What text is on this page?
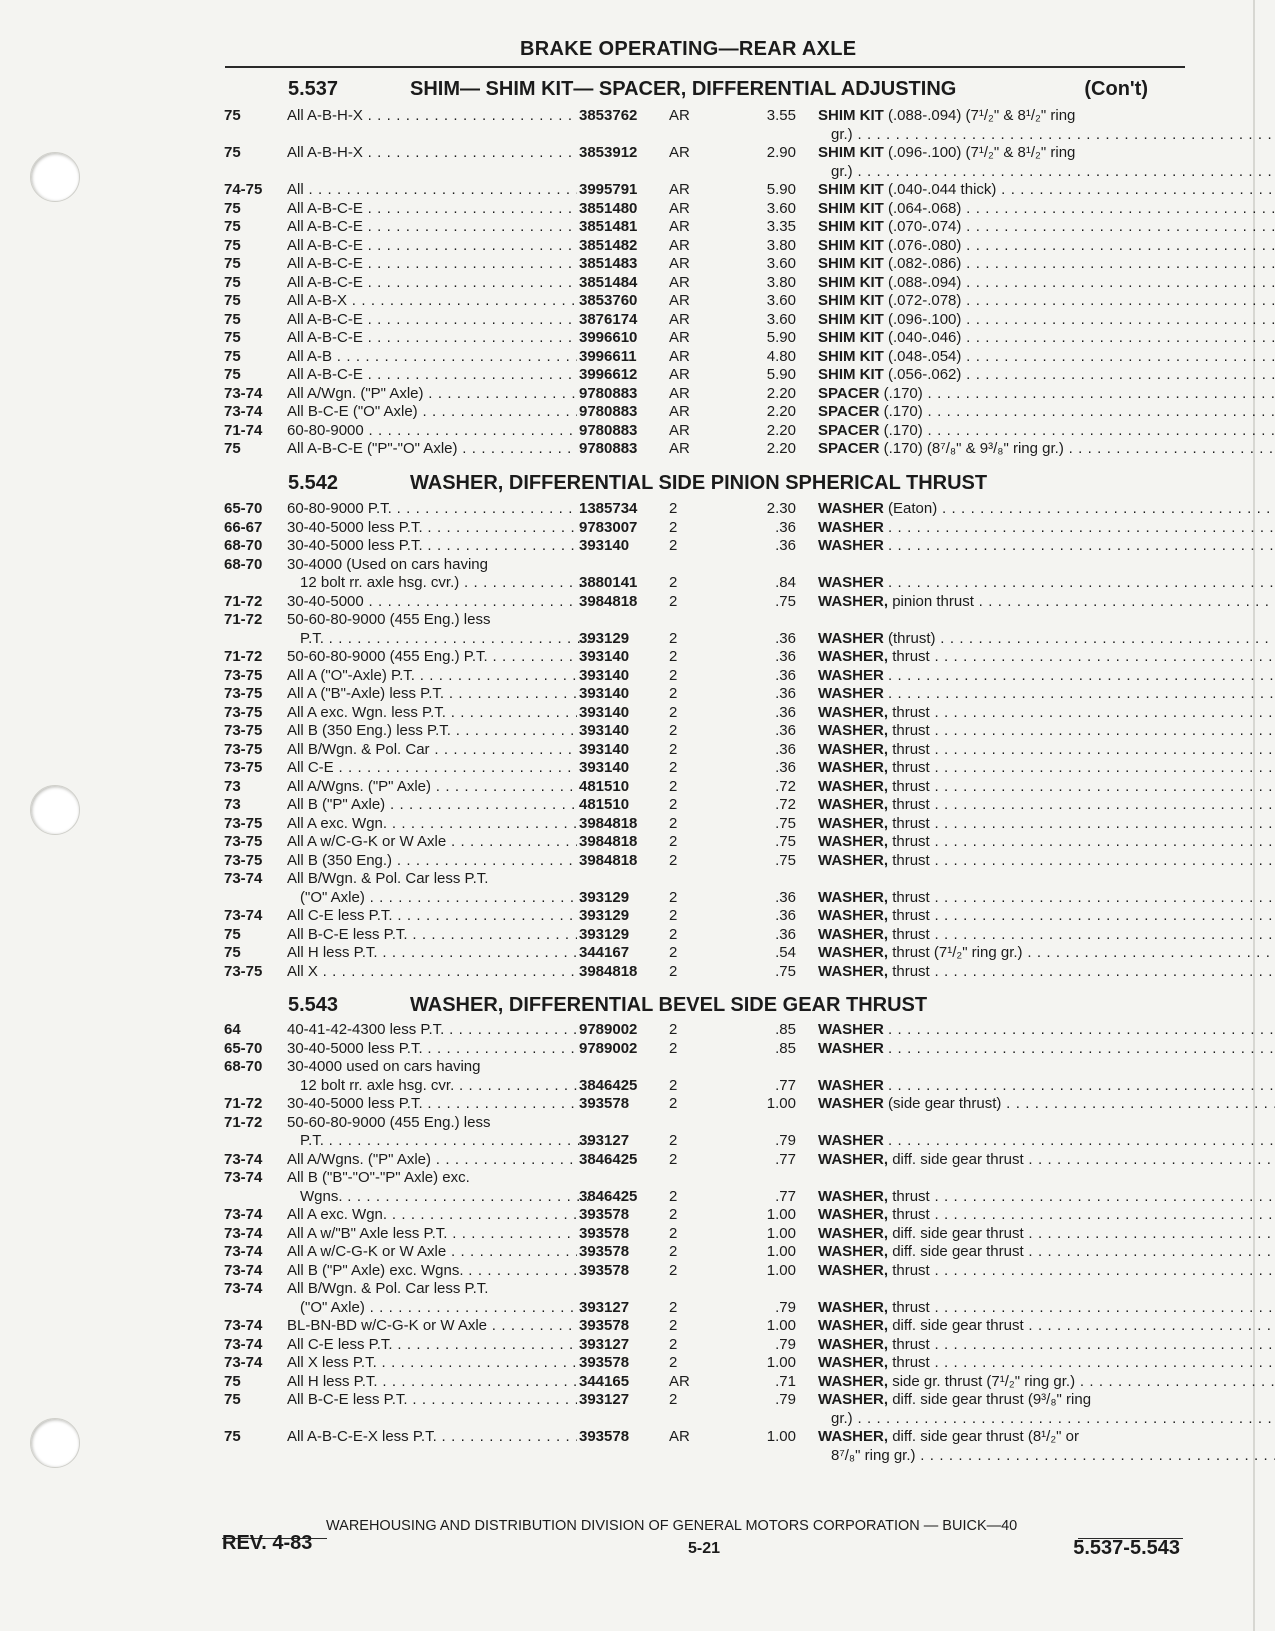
BRAKE OPERATING—REAR AXLE
5.537	SHIM— SHIM KIT— SPACER, DIFFERENTIAL ADJUSTING	(Con't)
75	All A-B-H-X . . .	3853762 AR	3.55 SHIM KIT (.088-.094) (7¹/₂" & 8¹/₂" ring
gr.) . . .
75	All A-B-H-X . . .	3853912 AR	2.90 SHIM KIT (.096-.100) (7¹/₂" & 8¹/₂" ring
gr.) . . .
74-75 All . . .	3995791 AR	5.90 SHIM KIT (.040-.044 thick) . . .
75	All A-B-C-E . . .	3851480 AR	3.60 SHIM KIT (.064-.068) . . .
75	All A-B-C-E . . .	3851481 AR	3.35 SHIM KIT (.070-.074) . . .
75	All A-B-C-E . . .	3851482 AR	3.80 SHIM KIT (.076-.080) . . .
75	All A-B-C-E . . .	3851483 AR	3.60 SHIM KIT (.082-.086) . . .
75	All A-B-C-E . . .	3851484 AR	3.80 SHIM KIT (.088-.094) . . .
75	All A-B-X . . .	3853760 AR	3.60 SHIM KIT (.072-.078) . . .
75	All A-B-C-E . . .	3876174 AR	3.60 SHIM KIT (.096-.100) . . .
75	All A-B-C-E . . .	3996610 AR	5.90 SHIM KIT (.040-.046) . . .
75	All A-B . . .	3996611 AR	4.80 SHIM KIT (.048-.054) . . .
75	All A-B-C-E . . .	3996612 AR	5.90 SHIM KIT (.056-.062) . . .
73-74 All A/Wgn. ("P" Axle) . . .	9780883 AR	2.20 SPACER (.170) . . .
73-74 All B-C-E ("O" Axle) . . .	9780883 AR	2.20 SPACER (.170) . . .
71-74 60-80-9000 . . .	9780883 AR	2.20 SPACER (.170) . . .
75	All A-B-C-E ("P"-"O" Axle) . . .	9780883 AR	2.20 SPACER (.170) (8⁷/₈" & 9³/₈" ring gr.) . . .
5.542	WASHER, DIFFERENTIAL SIDE PINION SPHERICAL THRUST
65-70 60-80-9000 P.T. . . .	1385734 2	2.30 WASHER (Eaton) . . .
66-67 30-40-5000 less P.T. . . .	9783007 2	.36 WASHER . . .
68-70 30-40-5000 less P.T. . . .	393140	2	.36 WASHER . . .
68-70 30-4000 (Used on cars having
12 bolt rr. axle hsg. cvr.) . . .	3880141 2	.84 WASHER . . .
71-72 30-40-5000 . . .	3984818 2	.75 WASHER, pinion thrust . . .
71-72 50-60-80-9000 (455 Eng.) less
P.T. . . .	393129	2	.36 WASHER (thrust) . . .
71-72 50-60-80-9000 (455 Eng.) P.T. . . .	393140	2	.36 WASHER, thrust . . .
73-75 All A ("O"-Axle) P.T. . . .	393140	2	.36 WASHER . . .
73-75 All A ("B"-Axle) less P.T. . . .	393140	2	.36 WASHER . . .
73-75 All A exc. Wgn. less P.T. . . .	393140	2	.36 WASHER, thrust . . .
73-75 All B (350 Eng.) less P.T. . . .	393140	2	.36 WASHER, thrust . . .
73-75 All B/Wgn. & Pol. Car . . .	393140	2	.36 WASHER, thrust . . .
73-75 All C-E . . .	393140	2	.36 WASHER, thrust . . .
73	All A/Wgns. ("P" Axle) . . .	481510	2	.72 WASHER, thrust . . .
73	All B ("P" Axle) . . .	481510	2	.72 WASHER, thrust . . .
73-75 All A exc. Wgn. . . .	3984818 2	.75 WASHER, thrust . . .
73-75 All A w/C-G-K or W Axle . . .	3984818 2	.75 WASHER, thrust . . .
73-75 All B (350 Eng.) . . .	3984818 2	.75 WASHER, thrust . . .
73-74 All B/Wgn. & Pol. Car less P.T.
("O" Axle) . . .	393129	2	.36 WASHER, thrust . . .
73-74 All C-E less P.T. . . .	393129	2	.36 WASHER, thrust . . .
75	All B-C-E less P.T. . . .	393129	2	.36 WASHER, thrust . . .
75	All H less P.T. . . .	344167	2	.54 WASHER, thrust (7¹/₂" ring gr.) . . .
73-75 All X . . .	3984818 2	.75 WASHER, thrust . . .
5.543	WASHER, DIFFERENTIAL BEVEL SIDE GEAR THRUST
64	40-41-42-4300 less P.T. . . .	9789002 2	.85 WASHER . . .
65-70 30-40-5000 less P.T. . . .	9789002 2	.85 WASHER . . .
68-70 30-4000 used on cars having
12 bolt rr. axle hsg. cvr. . . .	3846425 2	.77 WASHER . . .
71-72 30-40-5000 less P.T. . . .	393578	2	1.00 WASHER (side gear thrust) . . .
71-72 50-60-80-9000 (455 Eng.) less
P.T. . . .	393127	2	.79 WASHER . . .
73-74 All A/Wgns. ("P" Axle) . . .	3846425 2	.77 WASHER, diff. side gear thrust . . .
73-74 All B ("B"-"O"-"P" Axle) exc.
Wgns. . . .	3846425 2	.77 WASHER, thrust . . .
73-74 All A exc. Wgn. . . .	393578	2	1.00 WASHER, thrust . . .
73-74 All A w/"B" Axle less P.T. . . .	393578	2	1.00 WASHER, diff. side gear thrust . . .
73-74 All A w/C-G-K or W Axle . . .	393578	2	1.00 WASHER, diff. side gear thrust . . .
73-74 All B ("P" Axle) exc. Wgns. . . .	393578	2	1.00 WASHER, thrust . . .
73-74 All B/Wgn. & Pol. Car less P.T.
("O" Axle) . . .	393127	2	.79 WASHER, thrust . . .
73-74 BL-BN-BD w/C-G-K or W Axle . . .	393578	2	1.00 WASHER, diff. side gear thrust . . .
73-74 All C-E less P.T. . . .	393127	2	.79 WASHER, thrust . . .
73-74 All X less P.T. . . .	393578	2	1.00 WASHER, thrust . . .
75	All H less P.T. . . .	344165	AR	.71 WASHER, side gr. thrust (7¹/₂" ring gr.) . . .
75	All B-C-E less P.T. . . .	393127	2	.79 WASHER, diff. side gear thrust (9³/₈" ring
gr.) . . .
75	All A-B-C-E-X less P.T. . . .	393578	AR	1.00 WASHER, diff. side gear thrust (8¹/₂" or
8⁷/₈" ring gr.) . . .
WAREHOUSING AND DISTRIBUTION DIVISION OF GENERAL MOTORS CORPORATION — BUICK—40
REV. 4-83	5-21	5.537-5.543
